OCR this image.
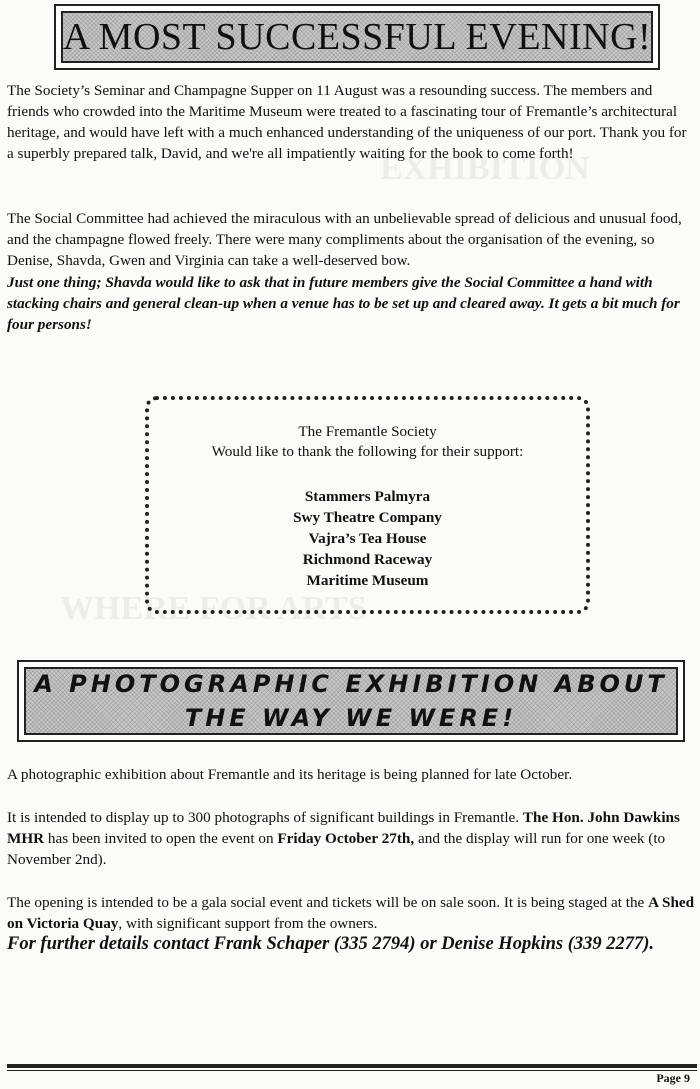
EXHIBITION
WHERE FOR ARTS
A MOST SUCCESSFUL EVENING!

The Society’s Seminar and Champagne Supper on 11 August was a resounding success. The members and friends who crowded into the Maritime Museum were treated to a fascinating tour of Fremantle’s architectural heritage, and would have left with a much enhanced understanding of the uniqueness of our port. Thank you for a superbly prepared talk, David, and we're all impatiently waiting for the book to come forth!

The Social Committee had achieved the miraculous with an unbelievable spread of delicious and unusual food, and the champagne flowed freely. There were many compliments about the organisation of the evening, so Denise, Shavda, Gwen and Virginia can take a well-deserved bow.

Just one thing; Shavda would like to ask that in future members give the Social Committee a hand with stacking chairs and general clean-up when a venue has to be set up and cleared away. It gets a bit much for four persons!

The Fremantle Society
Would like to thank the following for their support:
Stammers Palmyra
Swy Theatre Company
Vajra’s Tea House
Richmond Raceway
Maritime Museum
A PHOTOGRAPHIC EXHIBITION ABOUT
THE WAY WE WERE!

A photographic exhibition about Fremantle and its heritage is being planned for late October.

It is intended to display up to 300 photographs of significant buildings in Fremantle. The Hon. John Dawkins MHR has been invited to open the event on Friday October 27th, and the display will run for one week (to November 2nd).

The opening is intended to be a gala social event and tickets will be on sale soon. It is being staged at the A Shed on Victoria Quay, with significant support from the owners.

For further details contact Frank Schaper (335 2794) or Denise Hopkins (339 2277).

Page 9
